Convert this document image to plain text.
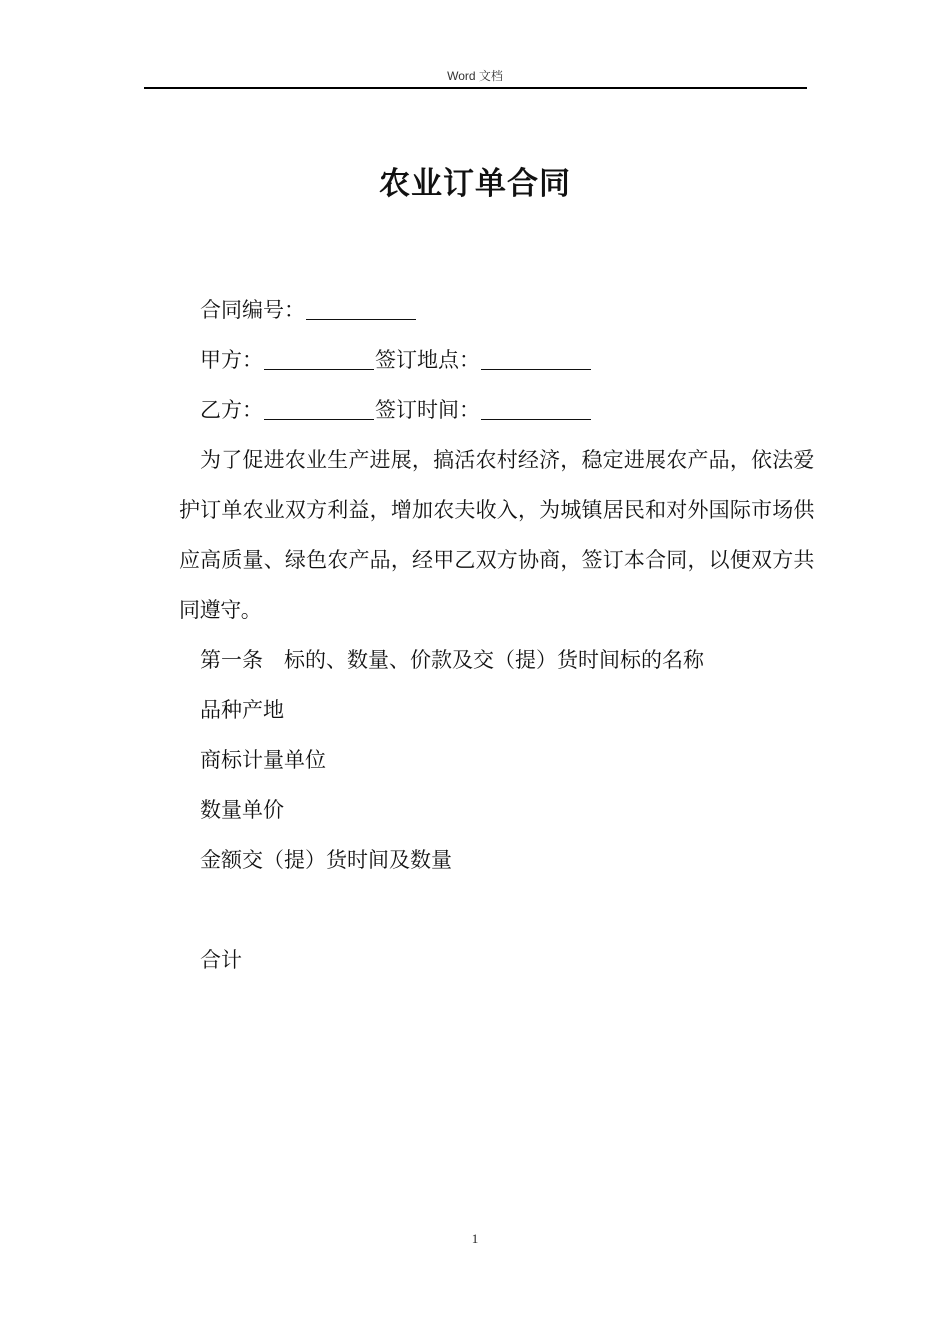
Word 文档
农业订单合同
合同编号：
甲方：	签订地点：
乙方：	签订时间：
为了促进农业生产进展，搞活农村经济，稳定进展农产品，依法爱护订单农业双方利益，增加农夫收入，为城镇居民和对外国际市场供应高质量、绿色农产品，经甲乙双方协商，签订本合同，以便双方共同遵守。
第一条　标的、数量、价款及交（提）货时间标的名称
品种产地
商标计量单位
数量单价
金额交（提）货时间及数量
合计
1
